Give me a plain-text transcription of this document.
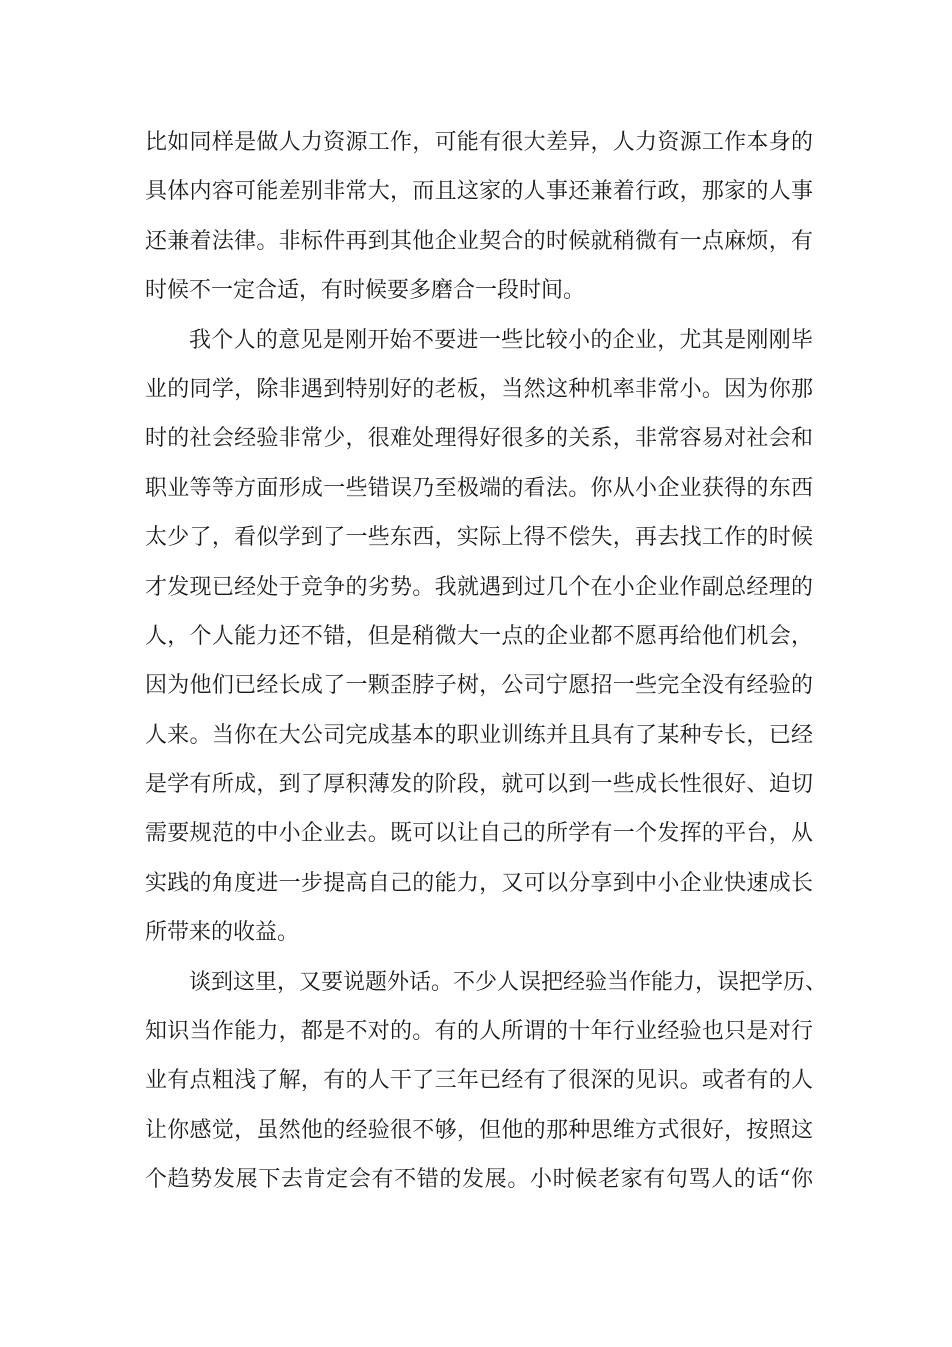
比如同样是做人力资源工作，可能有很大差异，人力资源工作本身的
具体内容可能差别非常大，而且这家的人事还兼着行政，那家的人事
还兼着法律。非标件再到其他企业契合的时候就稍微有一点麻烦，有
时候不一定合适，有时候要多磨合一段时间。
我个人的意见是刚开始不要进一些比较小的企业，尤其是刚刚毕
业的同学，除非遇到特别好的老板，当然这种机率非常小。因为你那
时的社会经验非常少，很难处理得好很多的关系，非常容易对社会和
职业等等方面形成一些错误乃至极端的看法。你从小企业获得的东西
太少了，看似学到了一些东西，实际上得不偿失，再去找工作的时候
才发现已经处于竞争的劣势。我就遇到过几个在小企业作副总经理的
人，个人能力还不错，但是稍微大一点的企业都不愿再给他们机会，
因为他们已经长成了一颗歪脖子树，公司宁愿招一些完全没有经验的
人来。当你在大公司完成基本的职业训练并且具有了某种专长，已经
是学有所成，到了厚积薄发的阶段，就可以到一些成长性很好、迫切
需要规范的中小企业去。既可以让自己的所学有一个发挥的平台，从
实践的角度进一步提高自己的能力，又可以分享到中小企业快速成长
所带来的收益。
谈到这里，又要说题外话。不少人误把经验当作能力，误把学历、
知识当作能力，都是不对的。有的人所谓的十年行业经验也只是对行
业有点粗浅了解，有的人干了三年已经有了很深的见识。或者有的人
让你感觉，虽然他的经验很不够，但他的那种思维方式很好，按照这
个趋势发展下去肯定会有不错的发展。小时候老家有句骂人的话“你
